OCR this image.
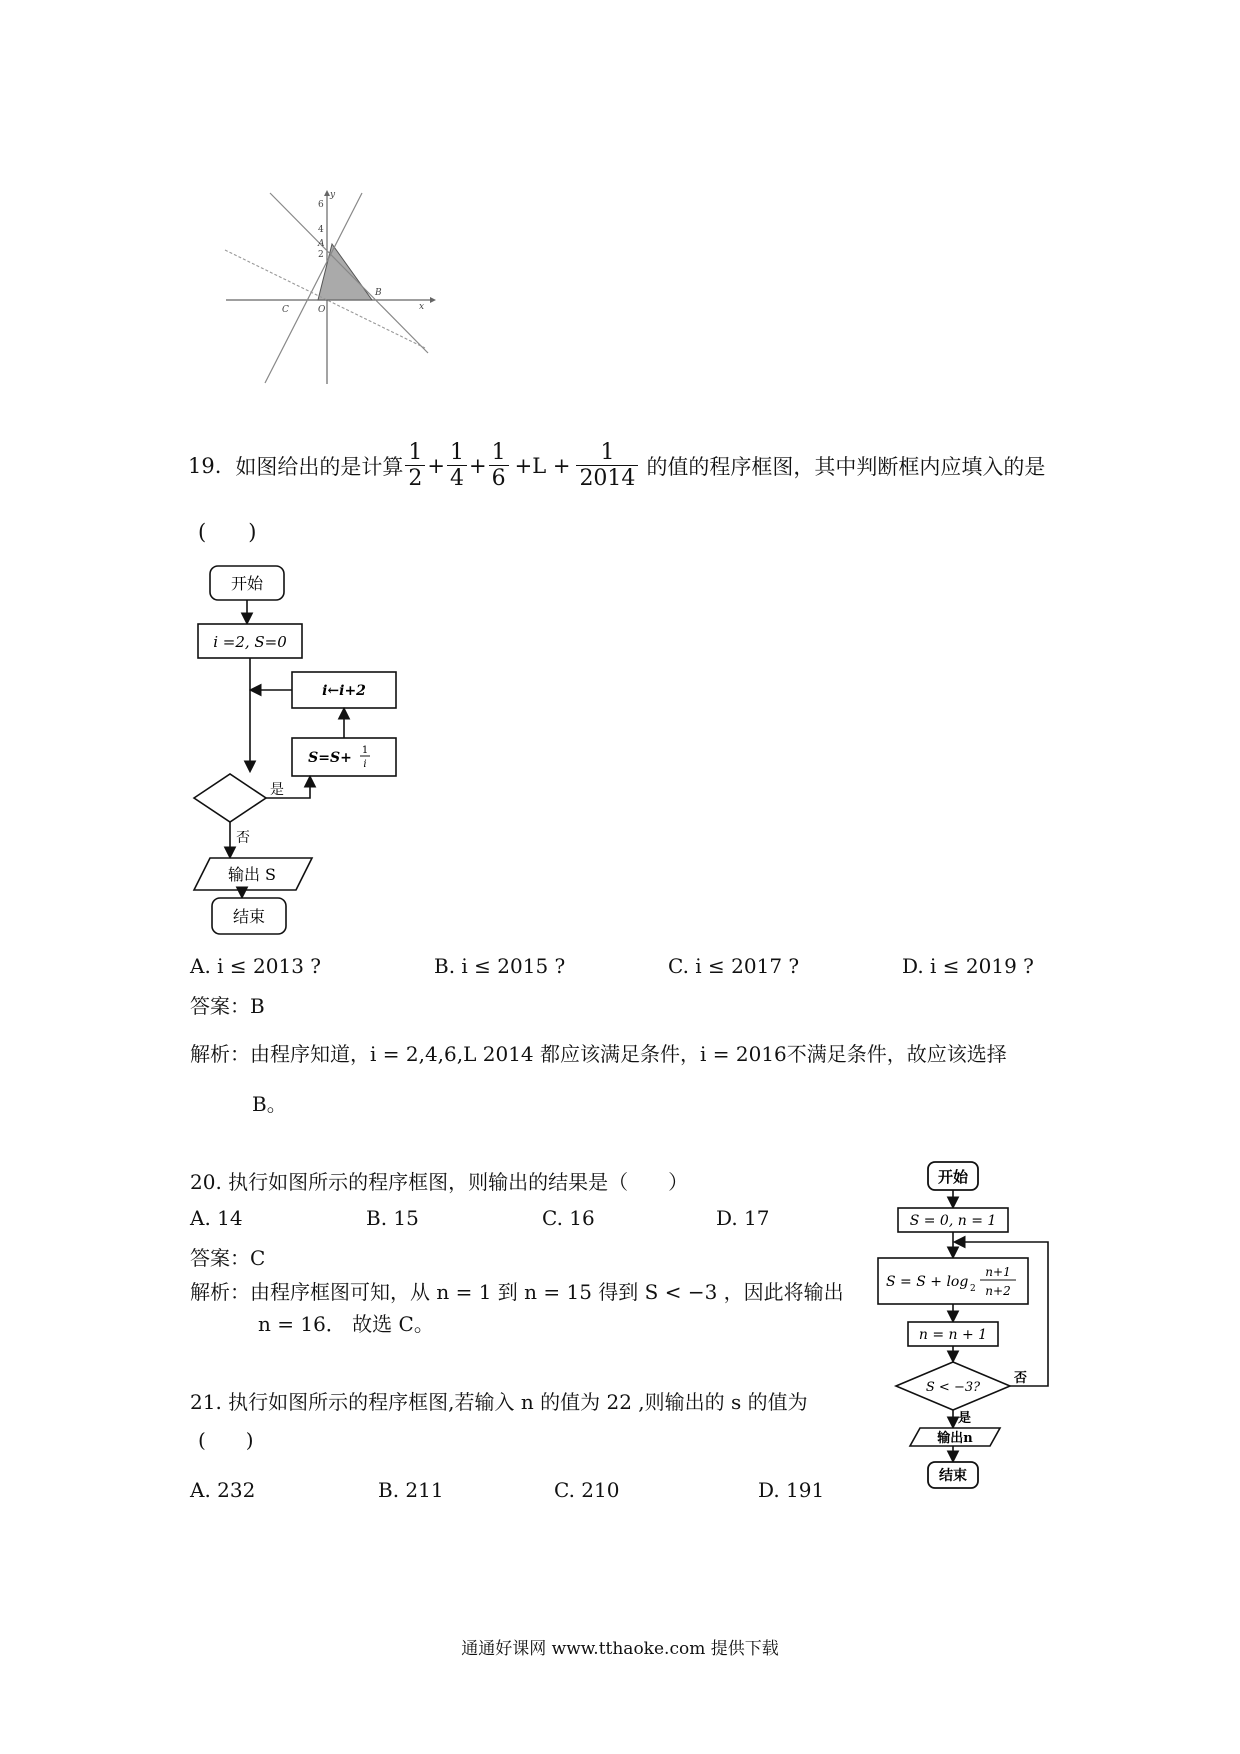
y
x
6
4
2
A
B
C	O
19. 如图给出的是计算 $\frac{1}{2} + \frac{1}{4} + \frac{1}{6} +L + \frac{1}{2014}$ 的值的程序框图，其中判断框内应填入的是
(　　)
开始
i =2, S=0
i←i+2
S=S+ 1
i
是
否
输出 S
结束
A. i ≤ 2013 ?	B. i ≤ 2015 ?	C. i ≤ 2017 ?	D. i ≤ 2019 ?
答案：B
解析：由程序知道，i = 2,4,6,L 2014 都应该满足条件，i = 2016不满足条件，故应该选择
B。
20. 执行如图所示的程序框图，则输出的结果是（　　）
A. 14	B. 15	C. 16	D. 17
答案：C
解析：由程序框图可知，从 n = 1 到 n = 15 得到 S < −3 ，因此将输出
n = 16． 故选 C。
开始
S = 0, n = 1
S = S + log 2
n+1
n+2
n = n + 1
S < −3?
否
是
输出n
结束
21. 执行如图所示的程序框图,若输入 n 的值为 22 ,则输出的 s 的值为
(　　)
A. 232	B. 211	C. 210	D. 191
通通好课网 www.tthaoke.com 提供下载
